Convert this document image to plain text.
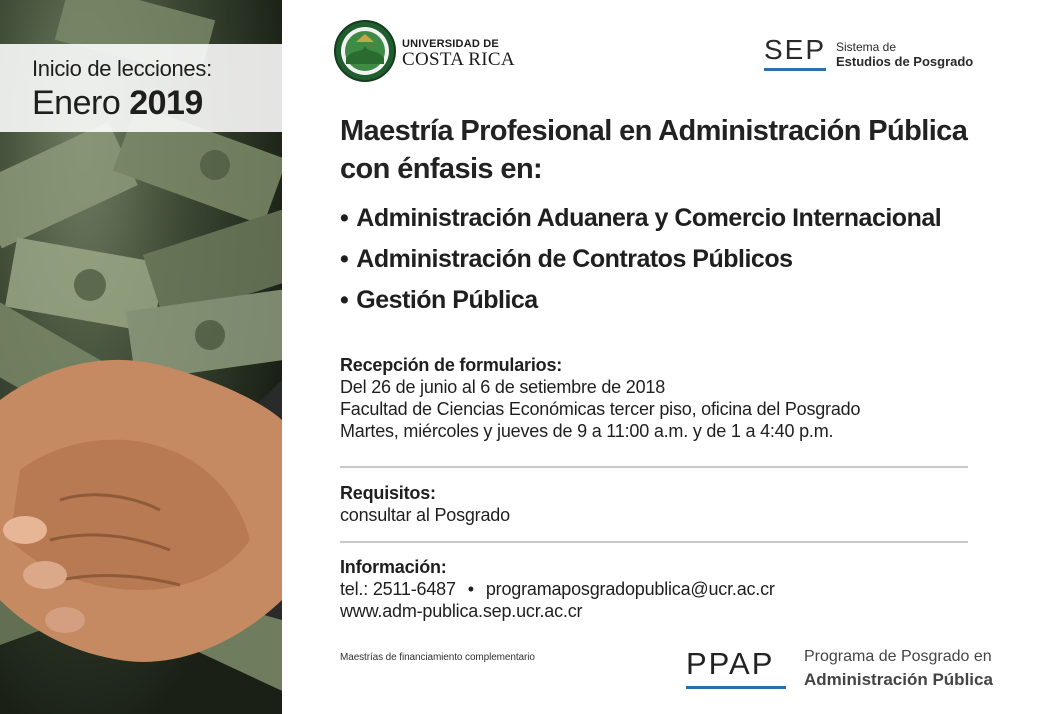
Inicio de lecciones:
Enero 2019
UNIVERSIDAD DE
COSTA RICA	SEP Sistema de
Estudios de Posgrado
Maestría Profesional en Administración Pública con énfasis en:
• Administración Aduanera y Comercio Internacional
• Administración de Contratos Públicos
• Gestión Pública
Recepción de formularios:
Del 26 de junio al 6 de setiembre de 2018
Facultad de Ciencias Económicas tercer piso, oficina del Posgrado
Martes, miércoles y jueves de 9 a 11:00 a.m. y de 1 a 4:40 p.m.
Requisitos:
consultar al Posgrado
Información:
tel.: 2511-6487 • programaposgradopublica@ucr.ac.cr
www.adm-publica.sep.ucr.ac.cr
Maestrías de financiamiento complementario	PPAP Programa de Posgrado en
Administración Pública
